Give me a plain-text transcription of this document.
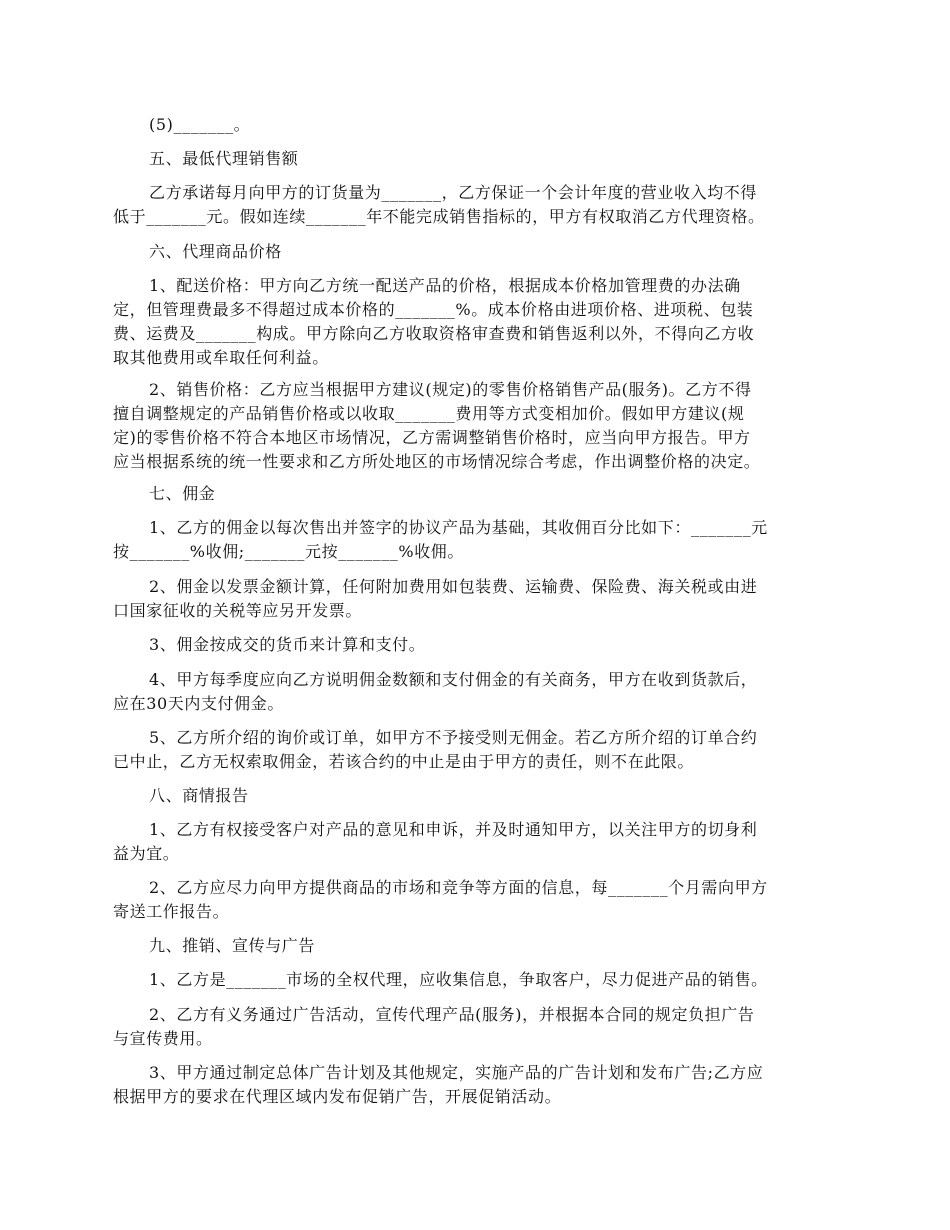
(5)_______。

五、最低代理销售额

乙方承诺每月向甲方的订货量为_______，乙方保证一个会计年度的营业收入均不得
低于_______元。假如连续_______年不能完成销售指标的，甲方有权取消乙方代理资格。

六、代理商品价格

1、配送价格：甲方向乙方统一配送产品的价格，根据成本价格加管理费的办法确
定，但管理费最多不得超过成本价格的_______%。成本价格由进项价格、进项税、包装
费、运费及_______构成。甲方除向乙方收取资格审查费和销售返利以外，不得向乙方收
取其他费用或牟取任何利益。

2、销售价格：乙方应当根据甲方建议(规定)的零售价格销售产品(服务)。乙方不得
擅自调整规定的产品销售价格或以收取_______费用等方式变相加价。假如甲方建议(规
定)的零售价格不符合本地区市场情况，乙方需调整销售价格时，应当向甲方报告。甲方
应当根据系统的统一性要求和乙方所处地区的市场情况综合考虑，作出调整价格的决定。

七、佣金

1、乙方的佣金以每次售出并签字的协议产品为基础，其收佣百分比如下：_______元
按_______%收佣;_______元按_______%收佣。

2、佣金以发票金额计算，任何附加费用如包装费、运输费、保险费、海关税或由进
口国家征收的关税等应另开发票。

3、佣金按成交的货币来计算和支付。

4、甲方每季度应向乙方说明佣金数额和支付佣金的有关商务，甲方在收到货款后，
应在30天内支付佣金。

5、乙方所介绍的询价或订单，如甲方不予接受则无佣金。若乙方所介绍的订单合约
已中止，乙方无权索取佣金，若该合约的中止是由于甲方的责任，则不在此限。

八、商情报告

1、乙方有权接受客户对产品的意见和申诉，并及时通知甲方，以关注甲方的切身利
益为宜。

2、乙方应尽力向甲方提供商品的市场和竞争等方面的信息，每_______个月需向甲方
寄送工作报告。

九、推销、宣传与广告

1、乙方是_______市场的全权代理，应收集信息，争取客户，尽力促进产品的销售。

2、乙方有义务通过广告活动，宣传代理产品(服务)，并根据本合同的规定负担广告
与宣传费用。

3、甲方通过制定总体广告计划及其他规定，实施产品的广告计划和发布广告;乙方应
根据甲方的要求在代理区域内发布促销广告，开展促销活动。
